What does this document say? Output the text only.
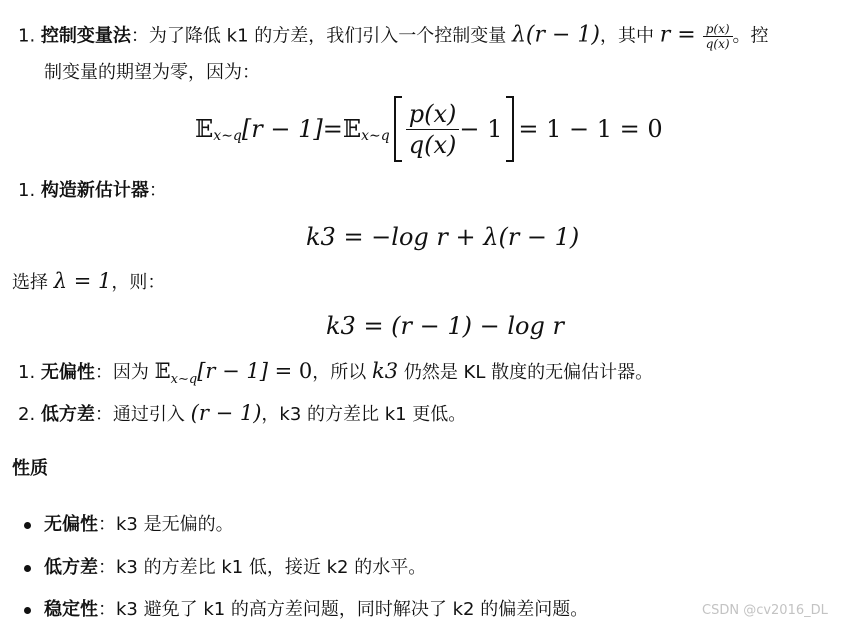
1. 控制变量法：为了降低 k1 的方差，我们引入一个控制变量 λ(r − 1)，其中 $r = \frac{p(x)}{q(x)}$ 。控
制变量的期望为零，因为：
𝔼 x∼q [r − 1] = 𝔼 x∼q $\frac{p(x)}{q(x)} - 1 = 1 - 1 = 0$
1. 构造新估计器：
k3 = −log r + λ(r − 1)
选择 λ = 1，则：
k3 = (r − 1) − log r
1. 无偏性：因为 𝔼$_{x\sim q}$[r − 1] = 0，所以 k3 仍然是 KL 散度的无偏估计器。
2. 低方差：通过引入 (r − 1)，k3 的方差比 k1 更低。
性质
无偏性：k3 是无偏的。
低方差：k3 的方差比 k1 低，接近 k2 的水平。
稳定性：k3 避免了 k1 的高方差问题，同时解决了 k2 的偏差问题。	CSDN @cv2016_DL
